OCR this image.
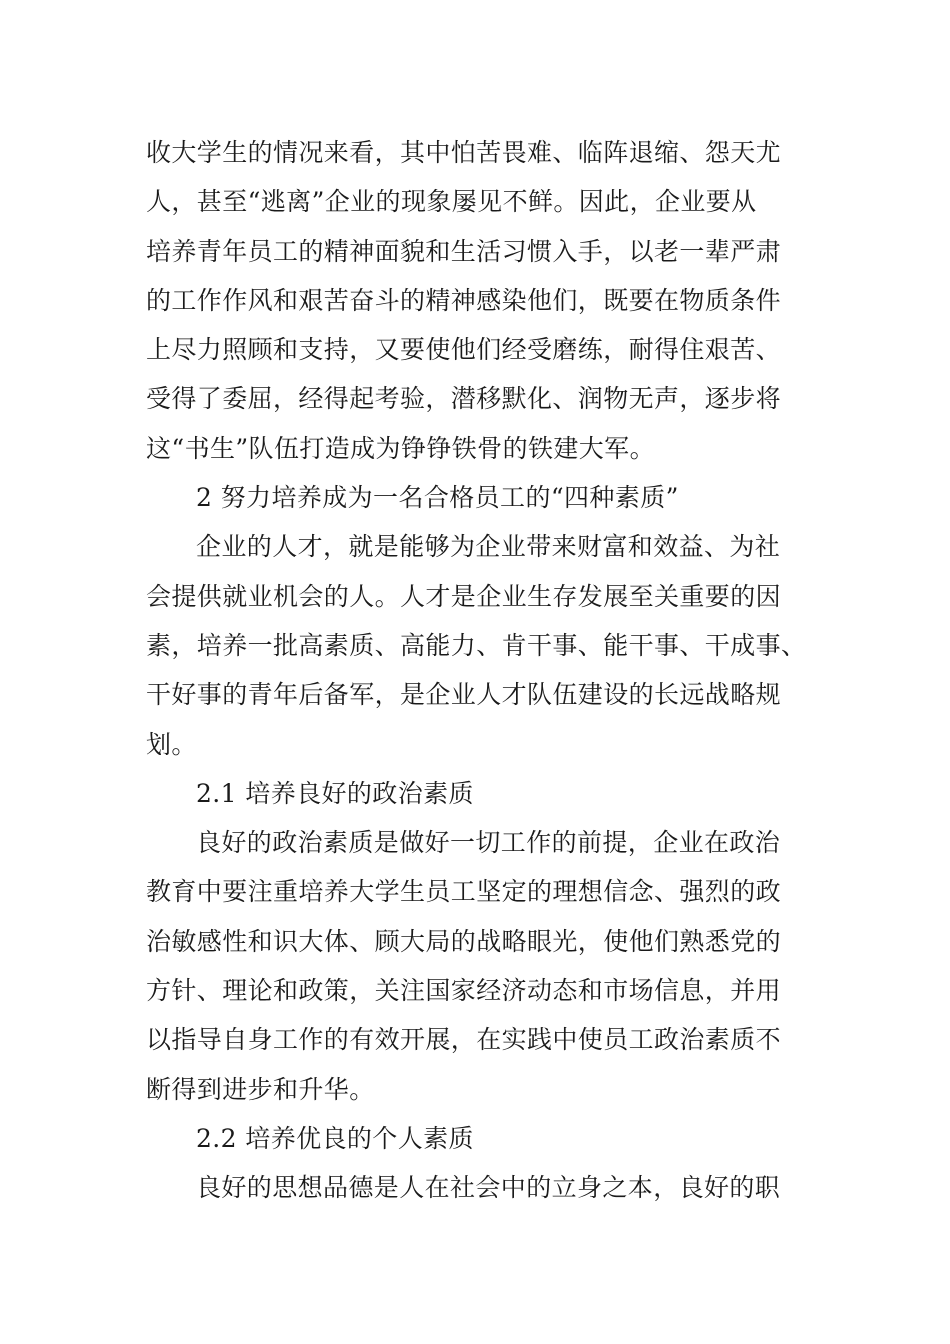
收大学生的情况来看，其中怕苦畏难、临阵退缩、怨天尤
人，甚至“逃离”企业的现象屡见不鲜。因此，企业要从
培养青年员工的精神面貌和生活习惯入手，以老一辈严肃
的工作作风和艰苦奋斗的精神感染他们，既要在物质条件
上尽力照顾和支持，又要使他们经受磨练，耐得住艰苦、
受得了委屈，经得起考验，潜移默化、润物无声，逐步将
这“书生”队伍打造成为铮铮铁骨的铁建大军。
2 努力培养成为一名合格员工的“四种素质”
企业的人才，就是能够为企业带来财富和效益、为社
会提供就业机会的人。人才是企业生存发展至关重要的因
素，培养一批高素质、高能力、肯干事、能干事、干成事、
干好事的青年后备军，是企业人才队伍建设的长远战略规
划。
2.1 培养良好的政治素质
良好的政治素质是做好一切工作的前提，企业在政治
教育中要注重培养大学生员工坚定的理想信念、强烈的政
治敏感性和识大体、顾大局的战略眼光，使他们熟悉党的
方针、理论和政策，关注国家经济动态和市场信息，并用
以指导自身工作的有效开展，在实践中使员工政治素质不
断得到进步和升华。
2.2 培养优良的个人素质
良好的思想品德是人在社会中的立身之本，良好的职
